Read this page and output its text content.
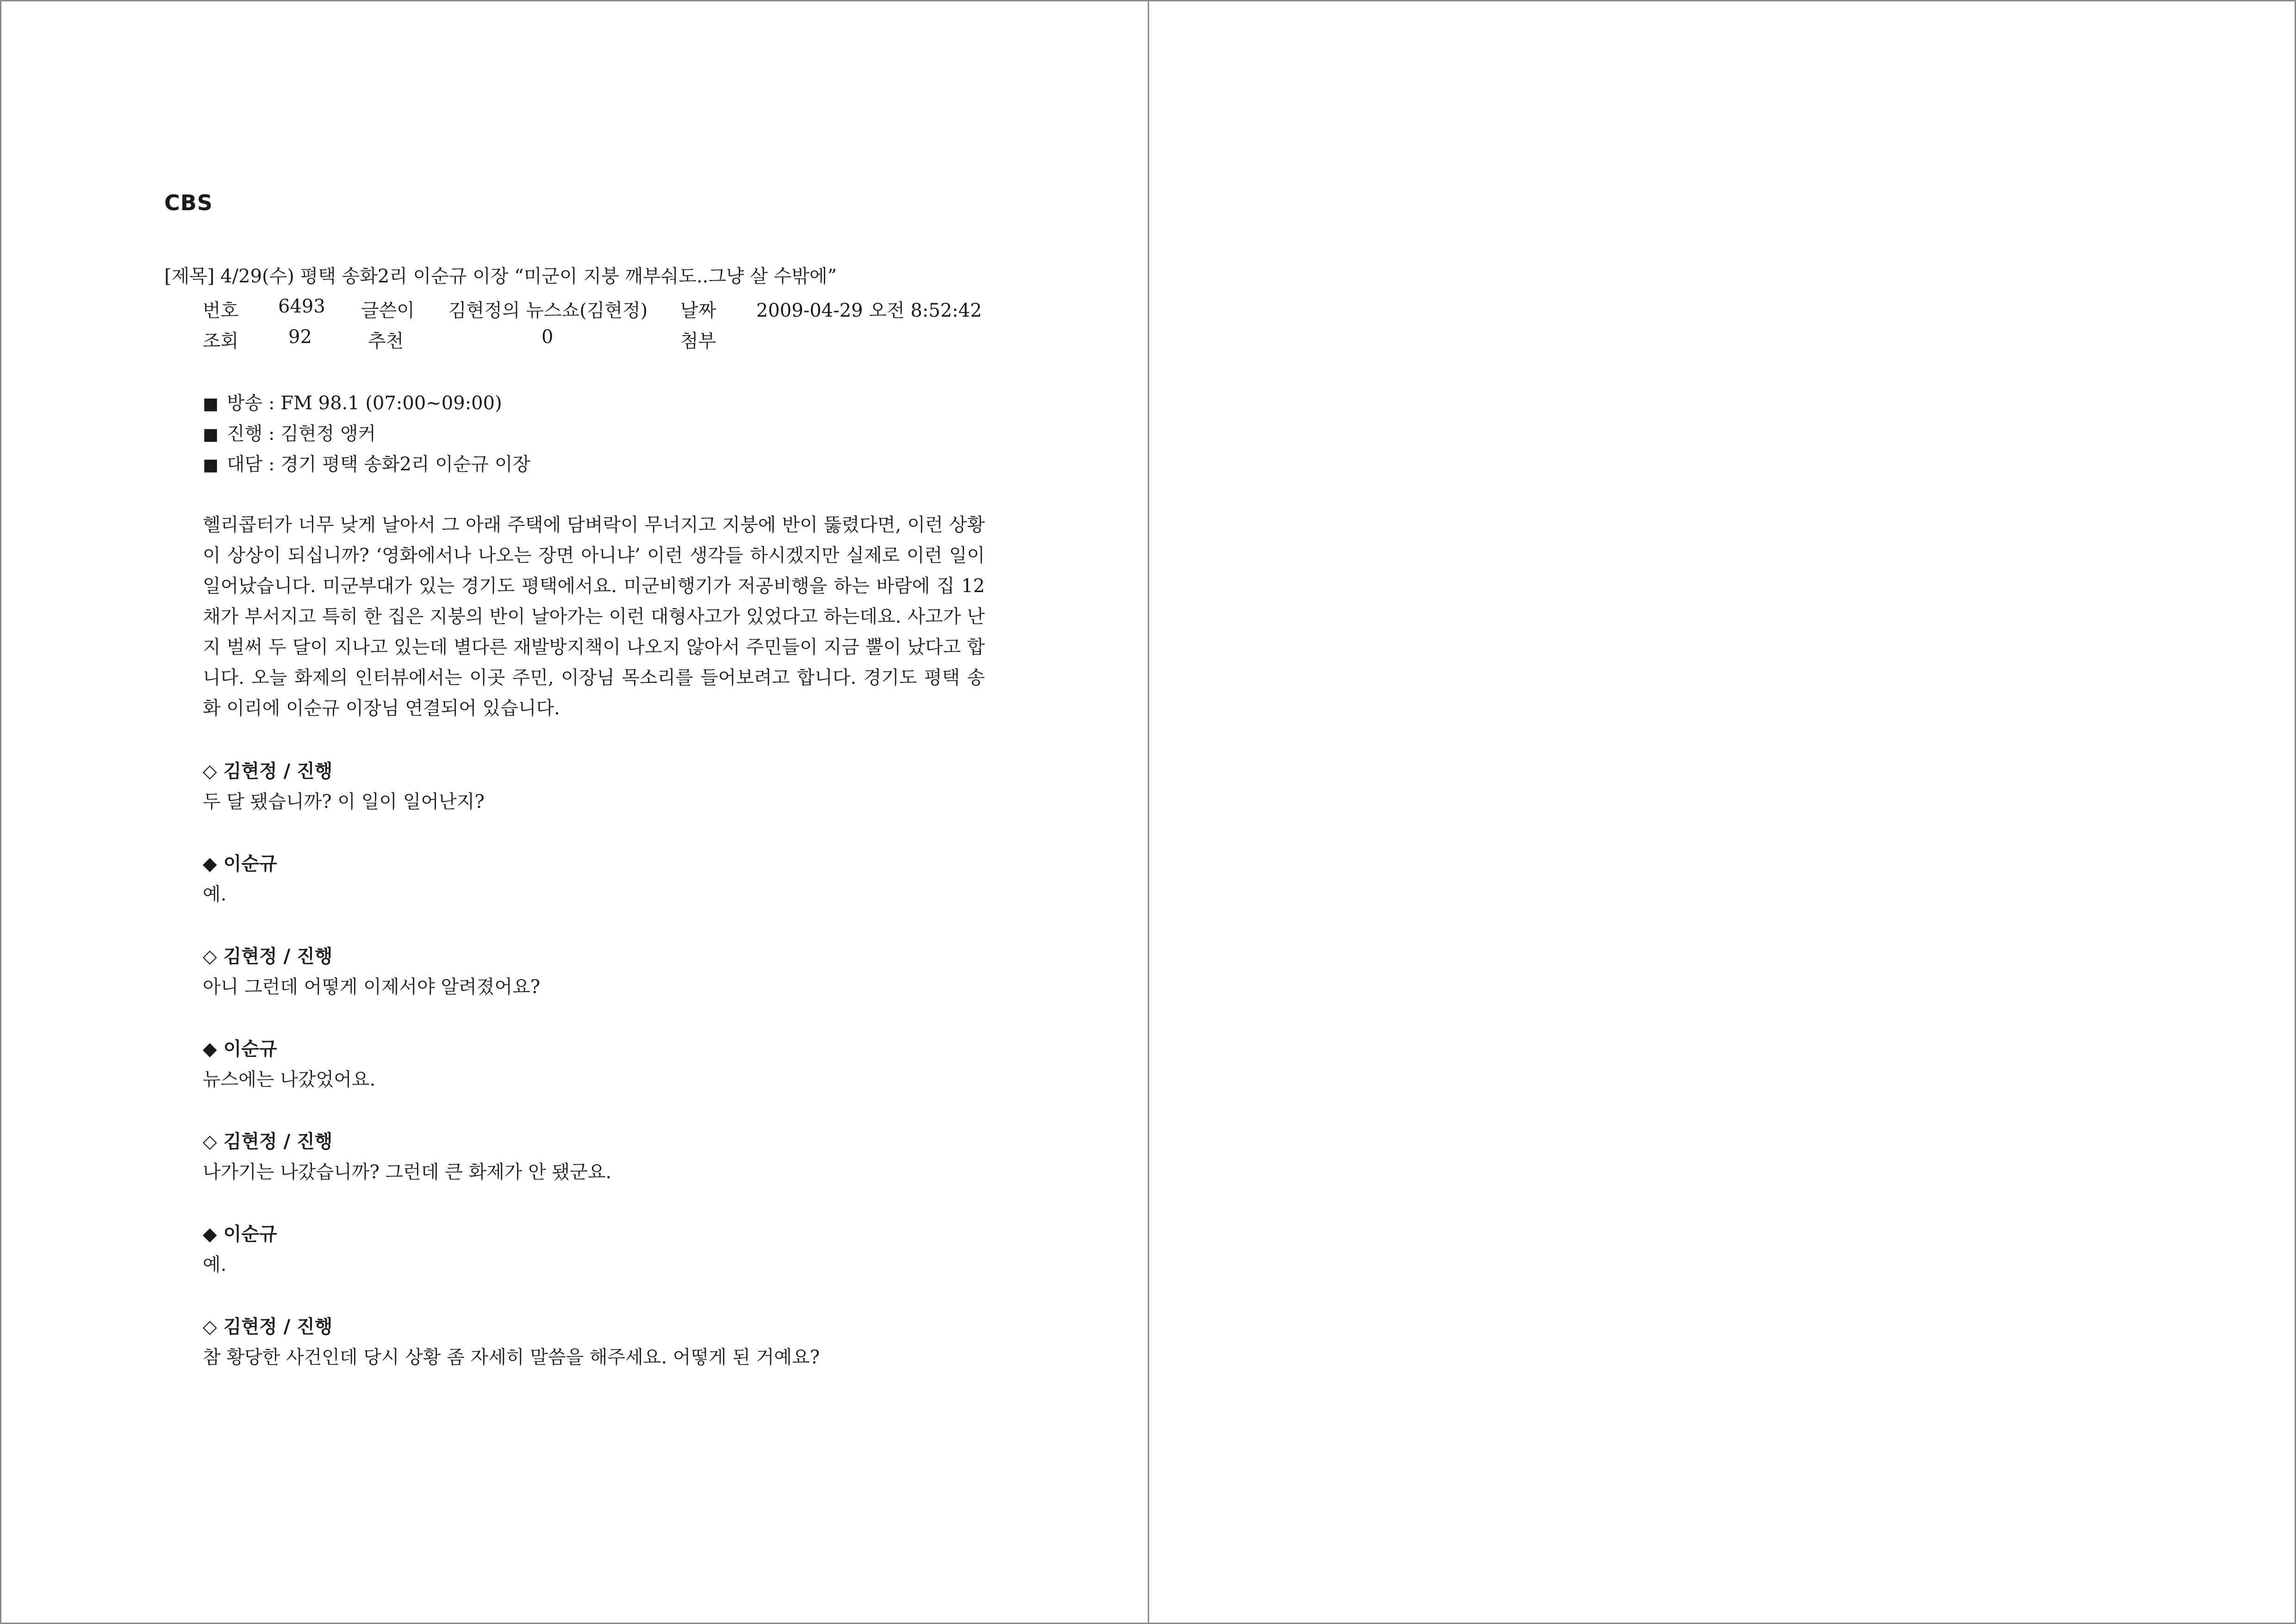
CBS
[제목] 4/29(수) 평택 송화2리 이순규 이장 “미군이 지붕 깨부숴도..그냥 살 수밖에”
번호 6493 글쓴이 김현정의 뉴스쇼(김현정) 날짜 2009-04-29 오전 8:52:42
조회	92	추천	0	첨부
■ 방송 : FM 98.1 (07:00~09:00)
■ 진행 : 김현정 앵커
■ 대담 : 경기 평택 송화2리 이순규 이장
헬리콥터가 너무 낮게 날아서 그 아래 주택에 담벼락이 무너지고 지붕에 반이 뚫렸다면, 이런 상황이 상상이 되십니까? ‘영화에서나 나오는 장면 아니냐’ 이런 생각들 하시겠지만 실제로 이런 일이 일어났습니다. 미군부대가 있는 경기도 평택에서요. 미군비행기가 저공비행을 하는 바람에 집 12채가 부서지고 특히 한 집은 지붕의 반이 날아가는 이런 대형사고가 있었다고 하는데요. 사고가 난지 벌써 두 달이 지나고 있는데 별다른 재발방지책이 나오지 않아서 주민들이 지금 뿔이 났다고 합니다. 오늘 화제의 인터뷰에서는 이곳 주민, 이장님 목소리를 들어보려고 합니다. 경기도 평택 송화 이리에 이순규 이장님 연결되어 있습니다.
◇ 김현정 / 진행
두 달 됐습니까? 이 일이 일어난지?
◆ 이순규
예.
◇ 김현정 / 진행
아니 그런데 어떻게 이제서야 알려졌어요?
◆ 이순규
뉴스에는 나갔었어요.
◇ 김현정 / 진행
나가기는 나갔습니까? 그런데 큰 화제가 안 됐군요.
◆ 이순규
예.
◇ 김현정 / 진행
참 황당한 사건인데 당시 상황 좀 자세히 말씀을 해주세요. 어떻게 된 거예요?
